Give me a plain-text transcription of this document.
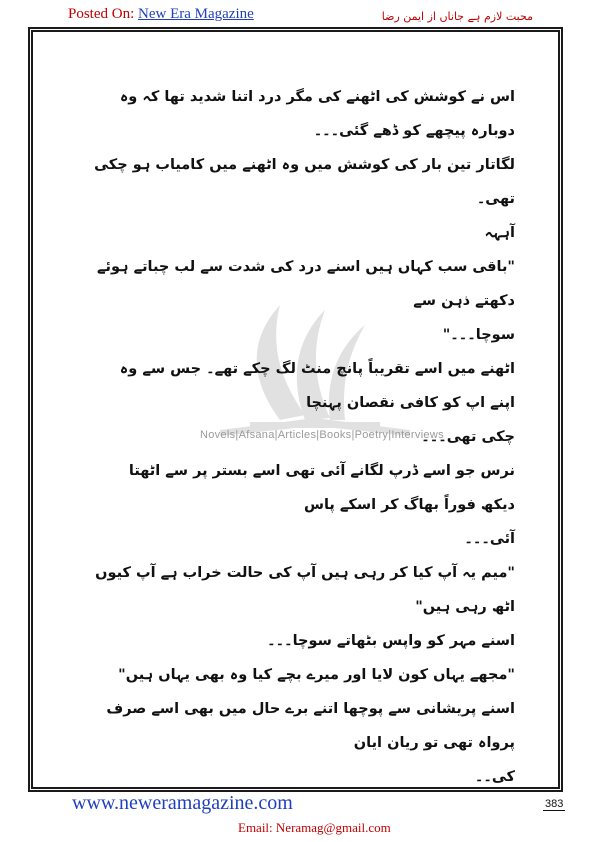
Posted On: New Era Magazine	محبت لازم ہے جاناں از ایمن رضا
Novels|Afsana|Articles|Books|Poetry|Interviews

اس نے کوشش کی اٹھنے کی مگر درد اتنا شدید تھا کہ وہ دوبارہ پیچھے کو ڈھے گئی۔۔۔

لگاتار تین بار کی کوشش میں وہ اٹھنے میں کامیاب ہو چکی تھی۔

آہہہ

"باقی سب کہاں ہیں اسنے درد کی شدت سے لب چباتے ہوئے دکھتے ذہن سے

سوچا۔۔۔"

اٹھنے میں اسے تقریباً پانچ منٹ لگ چکے تھے۔ جس سے وہ اپنے اپ کو کافی نقصان پہنچا

چکی تھی۔۔۔

نرس جو اسے ڈرپ لگانے آئی تھی اسے بستر پر سے اٹھتا دیکھ فوراً بھاگ کر اسکے پاس

آئی۔۔۔

"میم یہ آپ کیا کر رہی ہیں آپ کی حالت خراب ہے آپ کیوں اٹھ رہی ہیں"

اسنے مہر کو واپس بٹھاتے سوچا۔۔۔

"مجھے یہاں کون لایا اور میرے بچے کیا وہ بھی یہاں ہیں"

اسنے پریشانی سے پوچھا اتنے برے حال میں بھی اسے صرف پرواہ تھی تو ریان ایان

کی۔۔

www.neweramagazine.com	383
Email: Neramag@gmail.com
